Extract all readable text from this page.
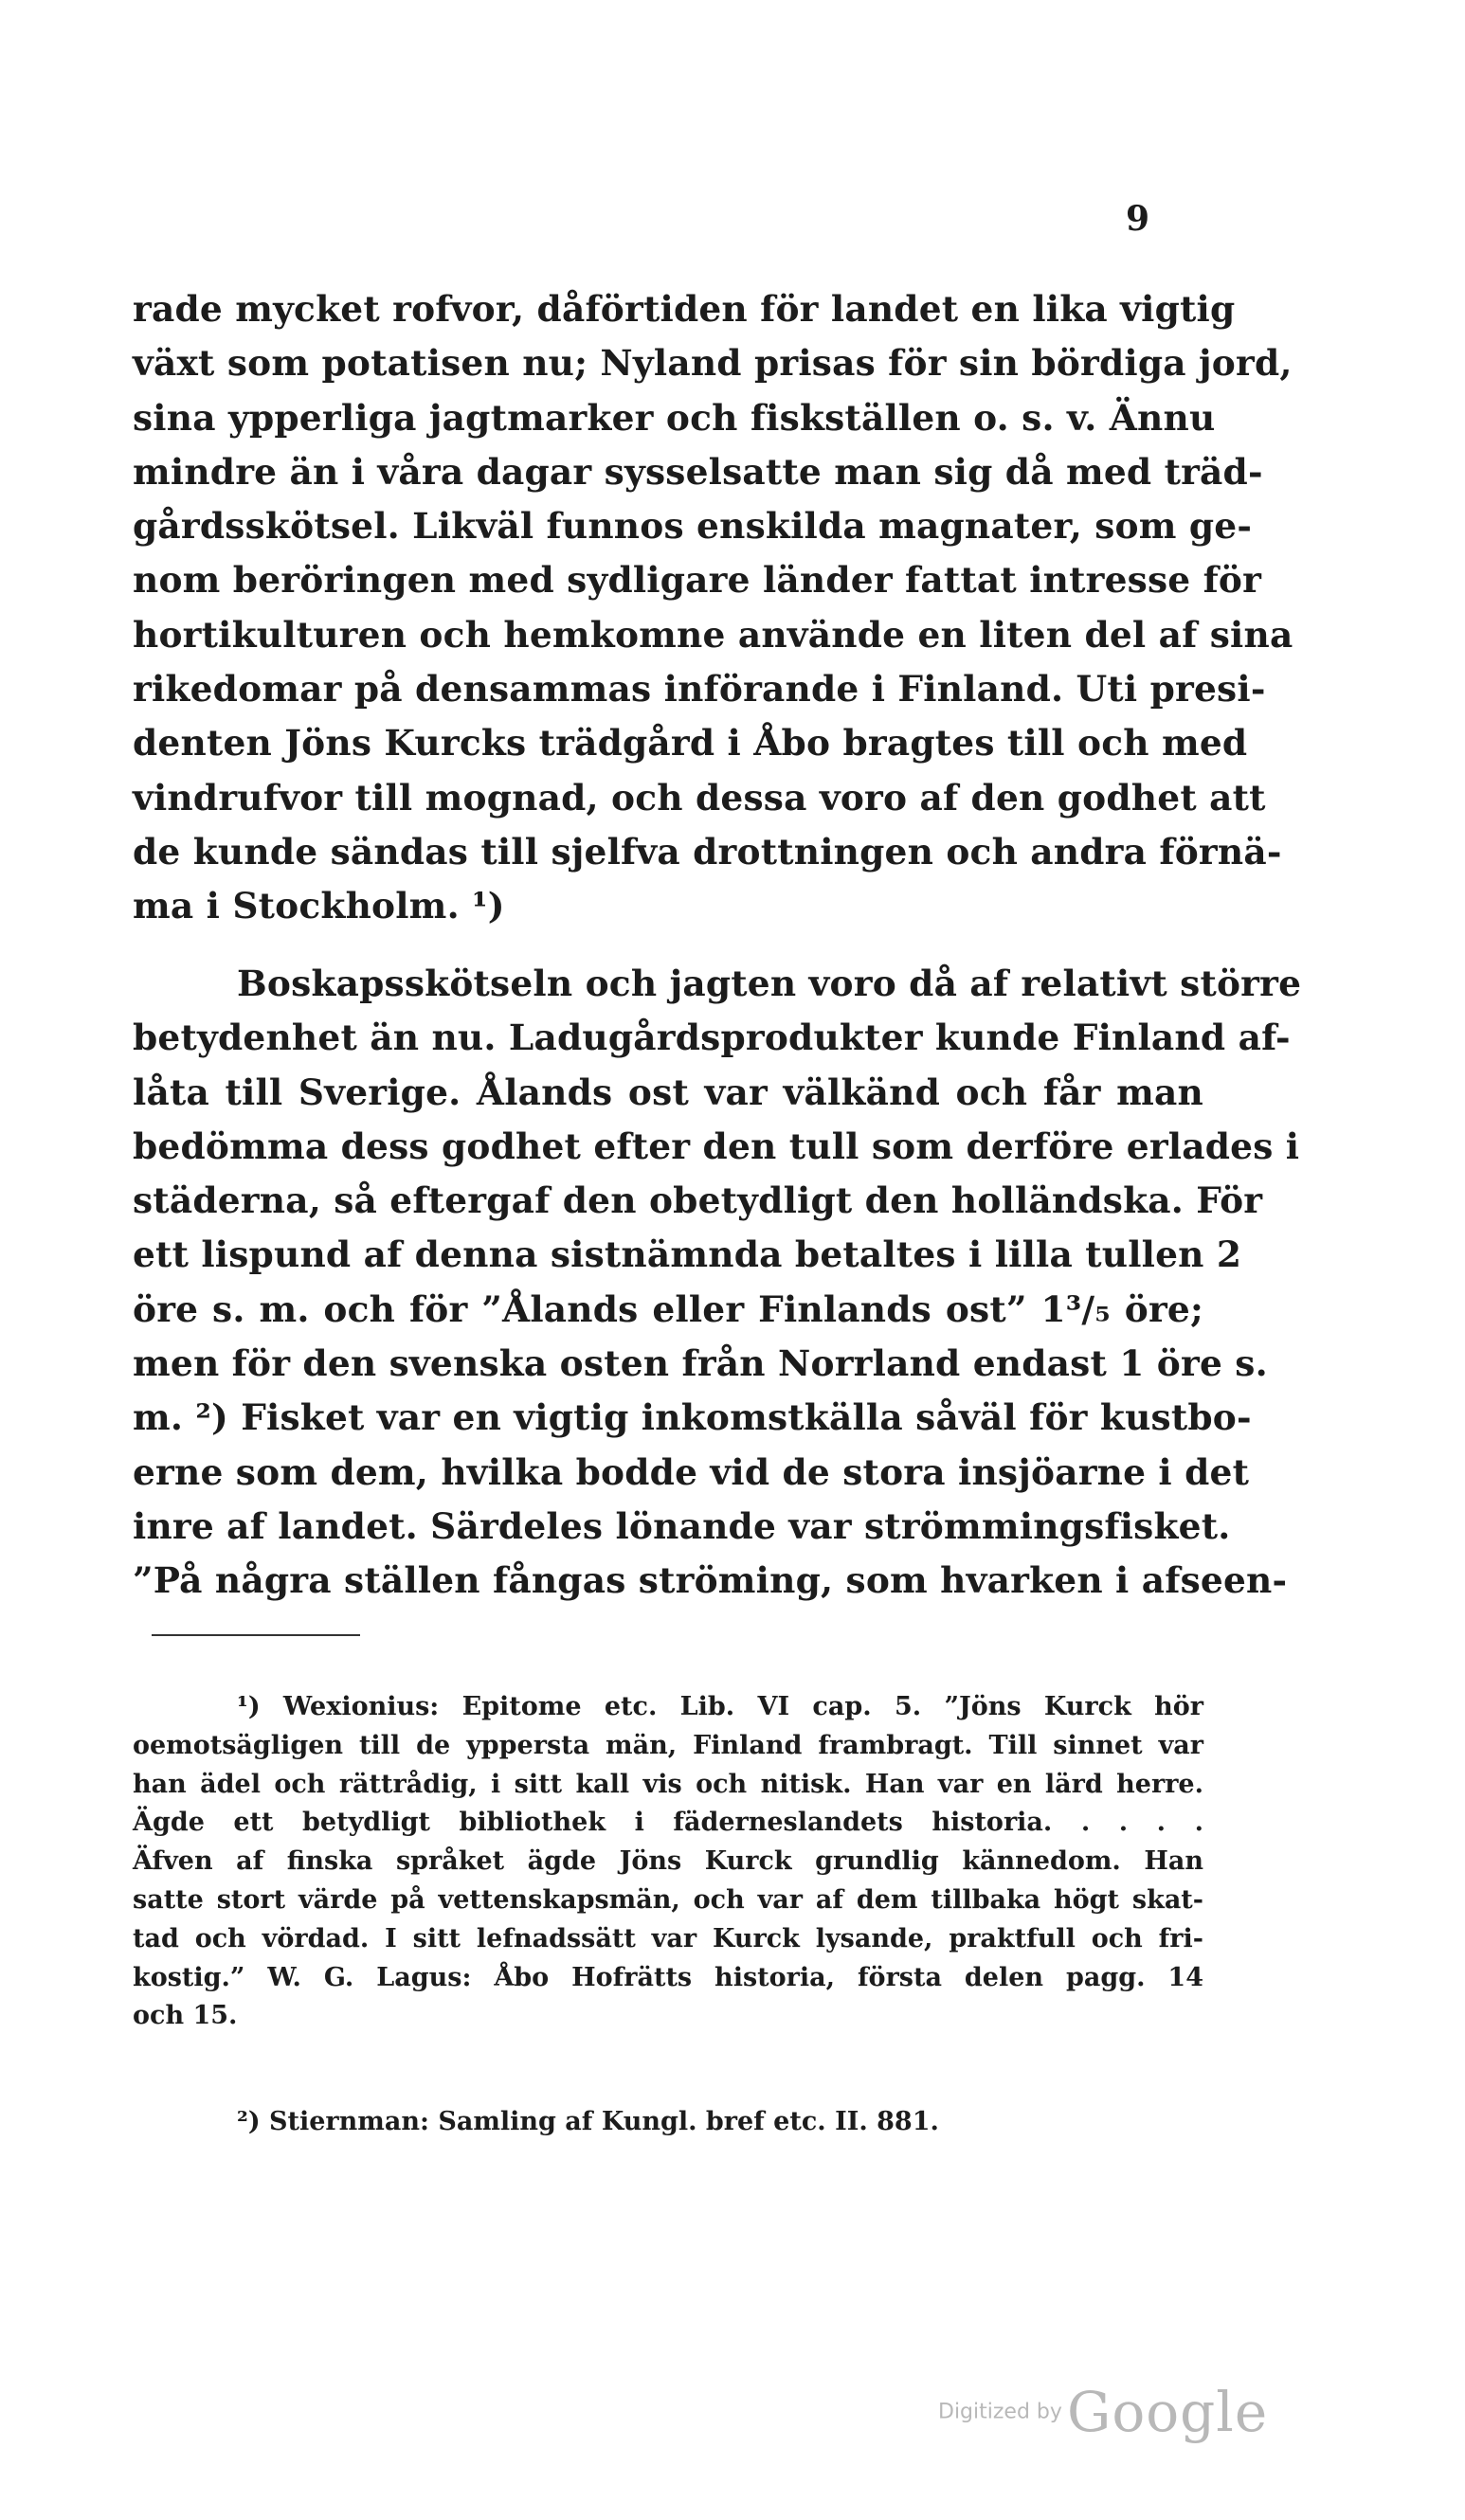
9
rade mycket rofvor, dåförtiden för landet en lika vigtig
växt som potatisen nu; Nyland prisas för sin bördiga jord,
sina ypperliga jagtmarker och fiskställen o. s. v. Ännu
mindre än i våra dagar sysselsatte man sig då med träd-
gårdsskötsel. Likväl funnos enskilda magnater, som ge-
nom beröringen med sydligare länder fattat intresse för
hortikulturen och hemkomne använde en liten del af sina
rikedomar på densammas införande i Finland. Uti presi-
denten Jöns Kurcks trädgård i Åbo bragtes till och med
vindrufvor till mognad, och dessa voro af den godhet att
de kunde sändas till sjelfva drottningen och andra förnä-
ma i Stockholm. ¹)
Boskapsskötseln och jagten voro då af relativt större
betydenhet än nu. Ladugårdsprodukter kunde Finland af-
låta till Sverige. Ålands ost var välkänd och får man
bedömma dess godhet efter den tull som derföre erlades i
städerna, så eftergaf den obetydligt den holländska. För
ett lispund af denna sistnämnda betaltes i lilla tullen 2
öre s. m. och för ”Ålands eller Finlands ost” 1³/₅ öre;
men för den svenska osten från Norrland endast 1 öre s.
m. ²) Fisket var en vigtig inkomstkälla såväl för kustbo-
erne som dem, hvilka bodde vid de stora insjöarne i det
inre af landet. Särdeles lönande var strömmingsfisket.
”På några ställen fångas ströming, som hvarken i afseen-
¹) Wexionius: Epitome etc. Lib. VI cap. 5. ”Jöns Kurck hör
oemotsägligen till de yppersta män, Finland frambragt. Till sinnet var
han ädel och rättrådig, i sitt kall vis och nitisk. Han var en lärd herre.
Ägde ett betydligt bibliothek i fäderneslandets historia. . . . .
Äfven af finska språket ägde Jöns Kurck grundlig kännedom. Han
satte stort värde på vettenskapsmän, och var af dem tillbaka högt skat-
tad och vördad. I sitt lefnadssätt var Kurck lysande, praktfull och fri-
kostig.” W. G. Lagus: Åbo Hofrätts historia, första delen pagg. 14
och 15.
²) Stiernman: Samling af Kungl. bref etc. II. 881.
Digitized by Google
